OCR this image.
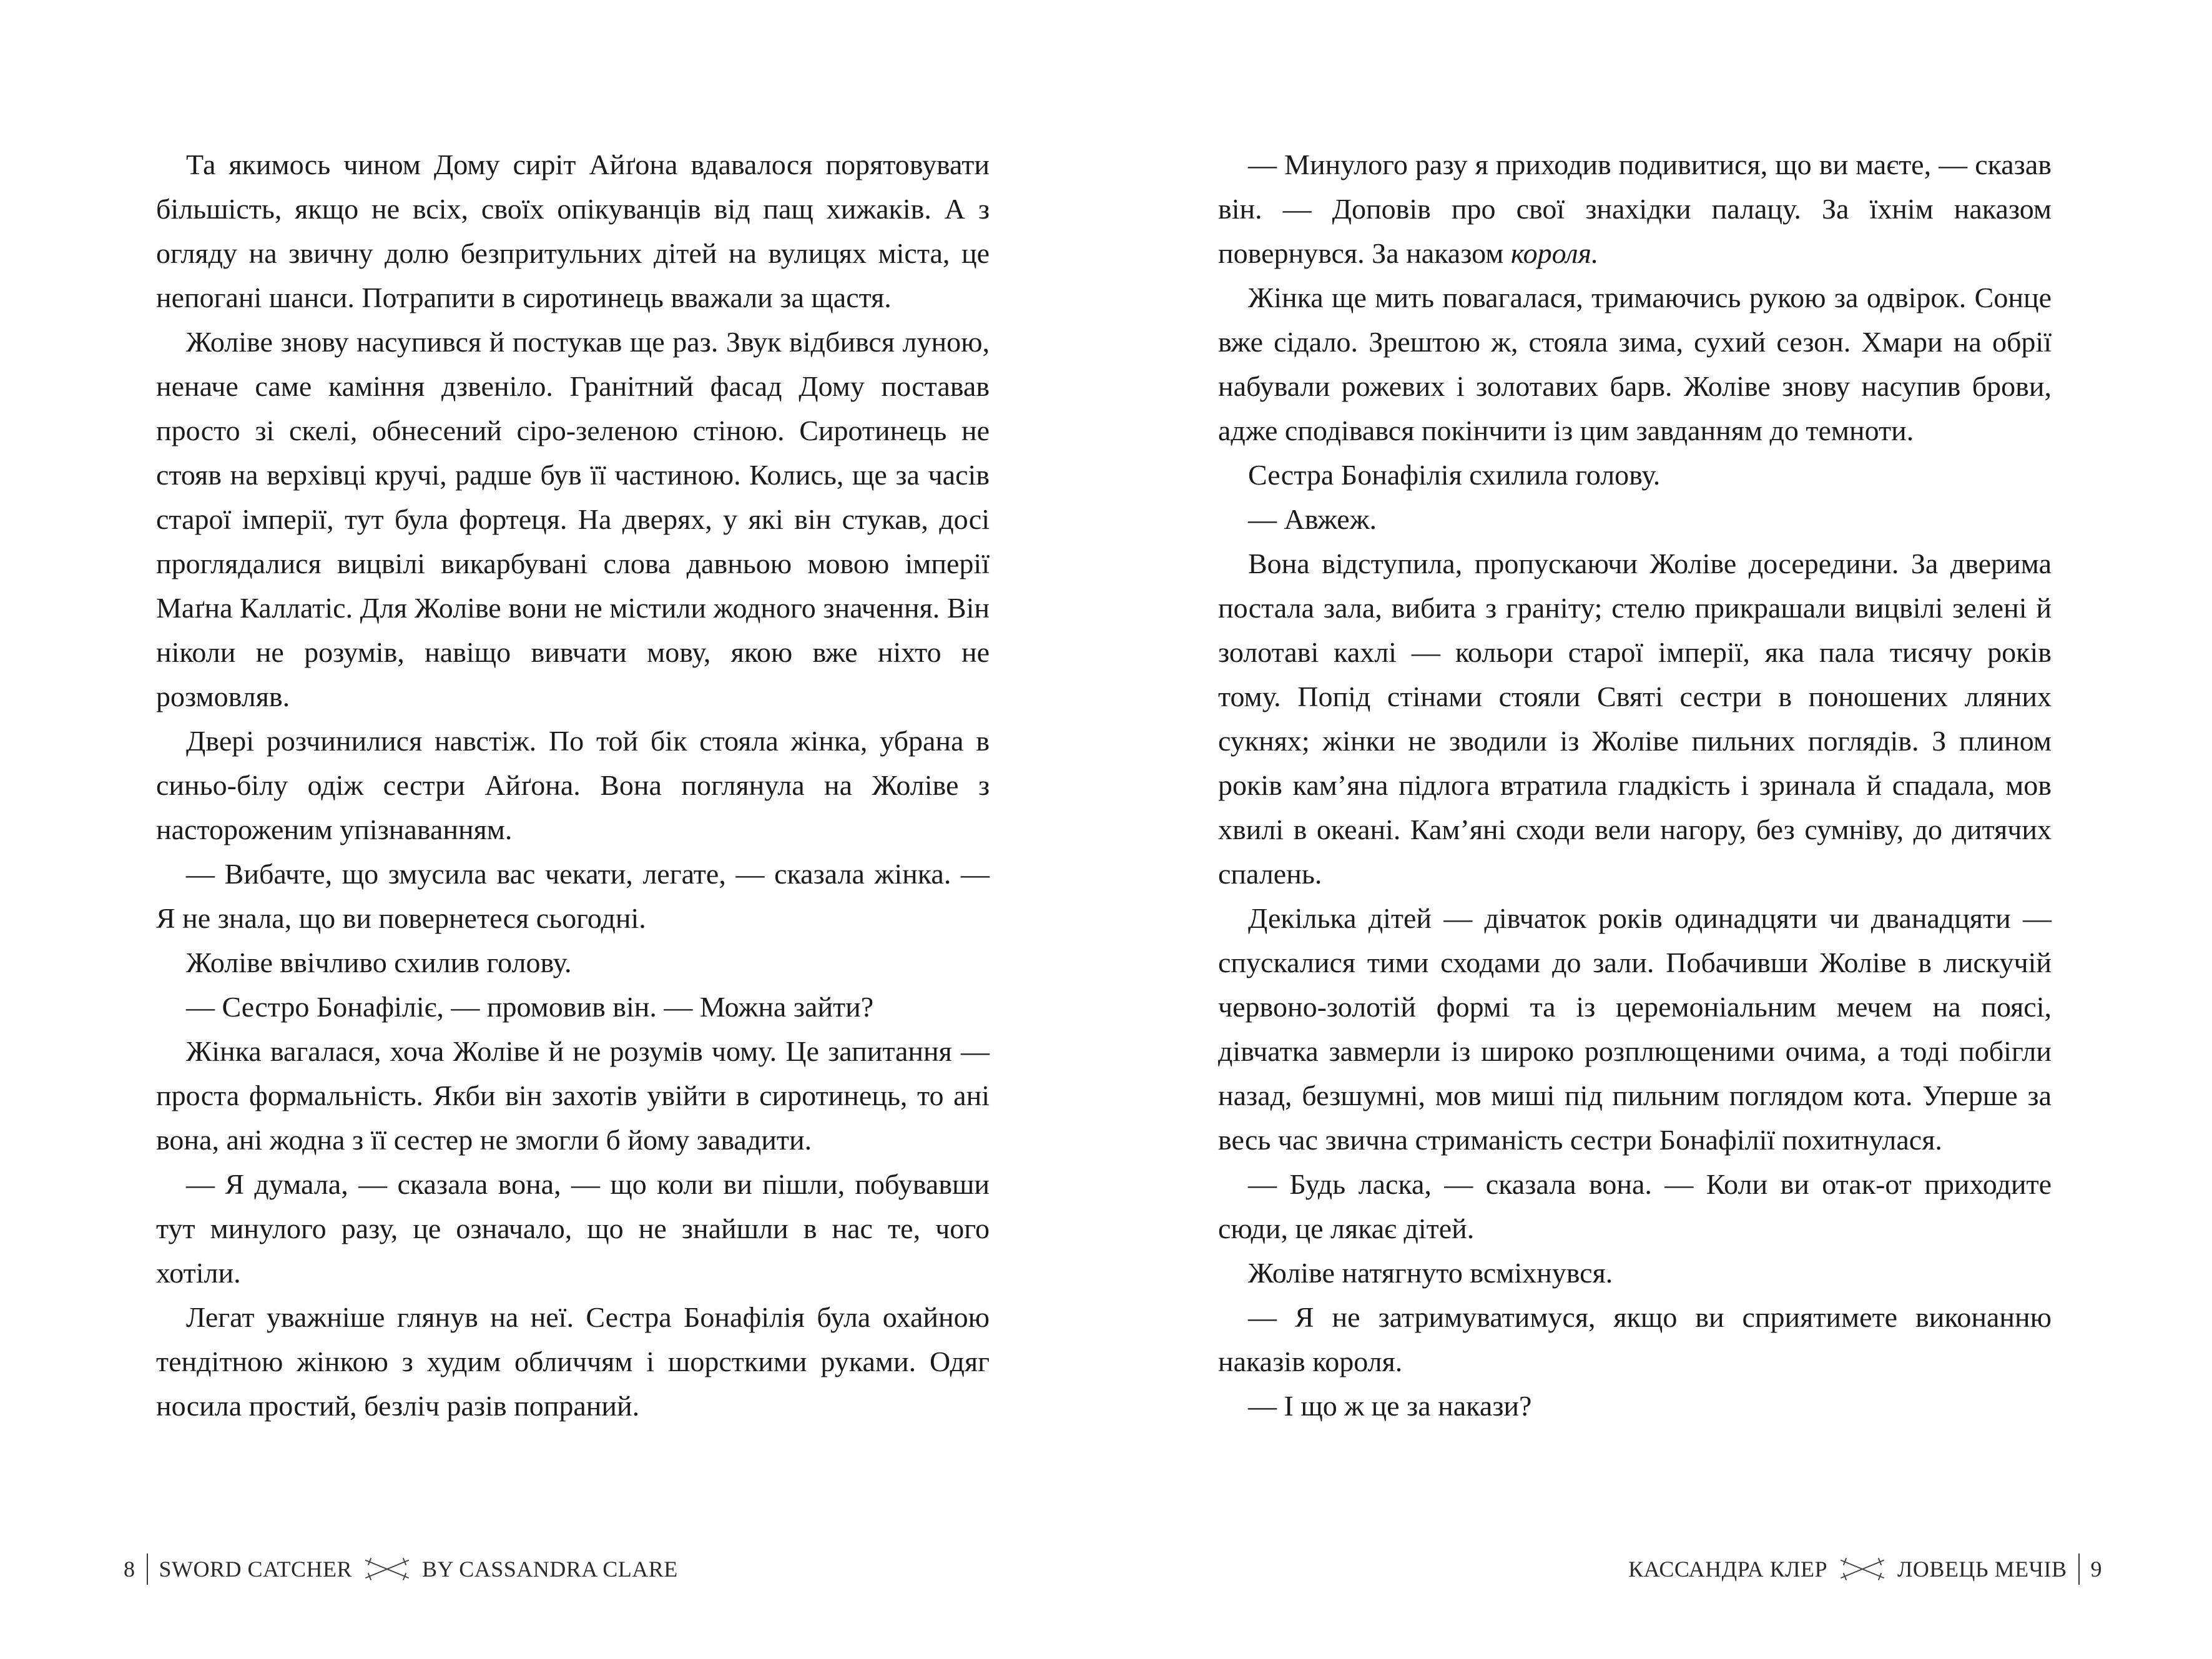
Та якимось чином Дому сиріт Айґона вдавалося порятовувати більшість, якщо не всіх, своїх опікуванців від пащ хижаків. А з огляду на звичну долю безпритульних дітей на вулицях міста, це непогані шанси. Потрапити в сиротинець вважали за щастя.

Жоліве знову насупився й постукав ще раз. Звук відбився луною, неначе саме каміння дзвеніло. Гранітний фасад Дому поставав просто зі скелі, обнесений сіро-зеленою стіною. Сиротинець не стояв на верхівці кручі, радше був її частиною. Колись, ще за часів старої імперії, тут була фортеця. На дверях, у які він стукав, досі проглядалися вицвілі викарбувані слова давньою мовою імперії Маґна Каллатіс. Для Жоліве вони не містили жодного значення. Він ніколи не розумів, навіщо вивчати мову, якою вже ніхто не розмовляв.

Двері розчинилися навстіж. По той бік стояла жінка, убрана в синьо-білу одіж сестри Айґона. Вона поглянула на Жоліве з настороженим упізнаванням.

— Вибачте, що змусила вас чекати, легате, — сказала жінка. — Я не знала, що ви повернетеся сьогодні.

Жоліве ввічливо схилив голову.

— Сестро Бонафіліє, — промовив він. — Можна зайти?

Жінка вагалася, хоча Жоліве й не розумів чому. Це запитання — проста формальність. Якби він захотів увійти в сиротинець, то ані вона, ані жодна з її сестер не змогли б йому завадити.

— Я думала, — сказала вона, — що коли ви пішли, побувавши тут минулого разу, це означало, що не знайшли в нас те, чого хотіли.

Легат уважніше глянув на неї. Сестра Бонафілія була охайною тендітною жінкою з худим обличчям і шорсткими руками. Одяг носила простий, безліч разів попраний.

8 SWORD CATCHER	BY CASSANDRA CLARE

— Минулого разу я приходив подивитися, що ви маєте, — сказав він. — Доповів про свої знахідки палацу. За їхнім наказом повернувся. За наказом короля.

Жінка ще мить повагалася, тримаючись рукою за одвірок. Сонце вже сідало. Зрештою ж, стояла зима, сухий сезон. Хмари на обрії набували рожевих і золотавих барв. Жоліве знову насупив брови, адже сподівався покінчити із цим завданням до темноти.

Сестра Бонафілія схилила голову.

— Авжеж.

Вона відступила, пропускаючи Жоліве досередини. За дверима постала зала, вибита з граніту; стелю прикрашали вицвілі зелені й золотаві кахлі — кольори старої імперії, яка пала тисячу років тому. Попід стінами стояли Святі сестри в поношених лляних сукнях; жінки не зводили із Жоліве пильних поглядів. З плином років кам’яна підлога втратила гладкість і зринала й спадала, мов хвилі в океані. Кам’яні сходи вели нагору, без сумніву, до дитячих спалень.

Декілька дітей — дівчаток років одинадцяти чи дванадцяти — спускалися тими сходами до зали. Побачивши Жоліве в лискучій червоно-золотій формі та із церемоніальним мечем на поясі, дівчатка завмерли із широко розплющеними очима, а тоді побігли назад, безшумні, мов миші під пильним поглядом кота. Уперше за весь час звична стриманість сестри Бонафілії похитнулася.

— Будь ласка, — сказала вона. — Коли ви отак-от приходите сюди, це лякає дітей.

Жоліве натягнуто всміхнувся.

— Я не затримуватимуся, якщо ви сприятимете виконанню наказів короля.

— І що ж це за накази?

КАССАНДРА КЛЕР	ЛОВЕЦЬ МЕЧІВ 9
